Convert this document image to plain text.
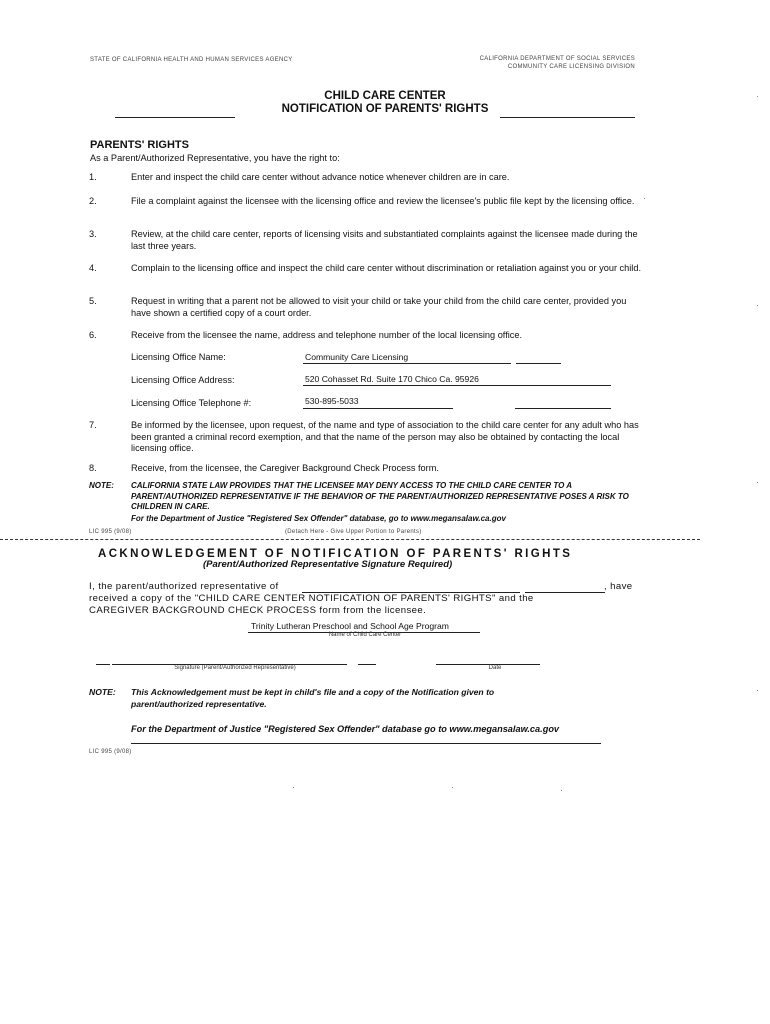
STATE OF CALIFORNIA HEALTH AND HUMAN SERVICES AGENCY	CALIFORNIA DEPARTMENT OF SOCIAL SERVICES
COMMUNITY CARE LICENSING DIVISION
CHILD CARE CENTER
NOTIFICATION OF PARENTS' RIGHTS
PARENTS' RIGHTS
As a Parent/Authorized Representative, you have the right to:
1.	Enter and inspect the child care center without advance notice whenever children are in care.
2.	File a complaint against the licensee with the licensing office and review the licensee's public file kept by the licensing office.
3.	Review, at the child care center, reports of licensing visits and substantiated complaints against the licensee made during the last three years.
4.	Complain to the licensing office and inspect the child care center without discrimination or retaliation against you or your child.
5.	Request in writing that a parent not be allowed to visit your child or take your child from the child care center, provided you have shown a certified copy of a court order.
6.	Receive from the licensee the name, address and telephone number of the local licensing office.
Licensing Office Name:	Community Care Licensing
Licensing Office Address:	520 Cohasset Rd. Suite 170 Chico Ca. 95926
Licensing Office Telephone #:	530-895-5033
7.	Be informed by the licensee, upon request, of the name and type of association to the child care center for any adult who has been granted a criminal record exemption, and that the name of the person may also be obtained by contacting the local licensing office.
8.	Receive, from the licensee, the Caregiver Background Check Process form.
NOTE: CALIFORNIA STATE LAW PROVIDES THAT THE LICENSEE MAY DENY ACCESS TO THE CHILD CARE CENTER TO A PARENT/AUTHORIZED REPRESENTATIVE IF THE BEHAVIOR OF THE PARENT/AUTHORIZED REPRESENTATIVE POSES A RISK TO CHILDREN IN CARE.
For the Department of Justice "Registered Sex Offender" database, go to www.megansalaw.ca.gov
LIC 995 (9/08)	(Detach Here - Give Upper Portion to Parents)
ACKNOWLEDGEMENT OF NOTIFICATION OF PARENTS' RIGHTS
(Parent/Authorized Representative Signature Required)
I, the parent/authorized representative of	, have
received a copy of the "CHILD CARE CENTER NOTIFICATION OF PARENTS' RIGHTS" and the
CAREGIVER BACKGROUND CHECK PROCESS form from the licensee.
Trinity Lutheran Preschool and School Age Program
Name of Child Care Center
Signature (Parent/Authorized Representative)	Date
NOTE: This Acknowledgement must be kept in child's file and a copy of the Notification given to
parent/authorized representative.
For the Department of Justice "Registered Sex Offender" database go to www.megansalaw.ca.gov
LIC 995 (9/08)
